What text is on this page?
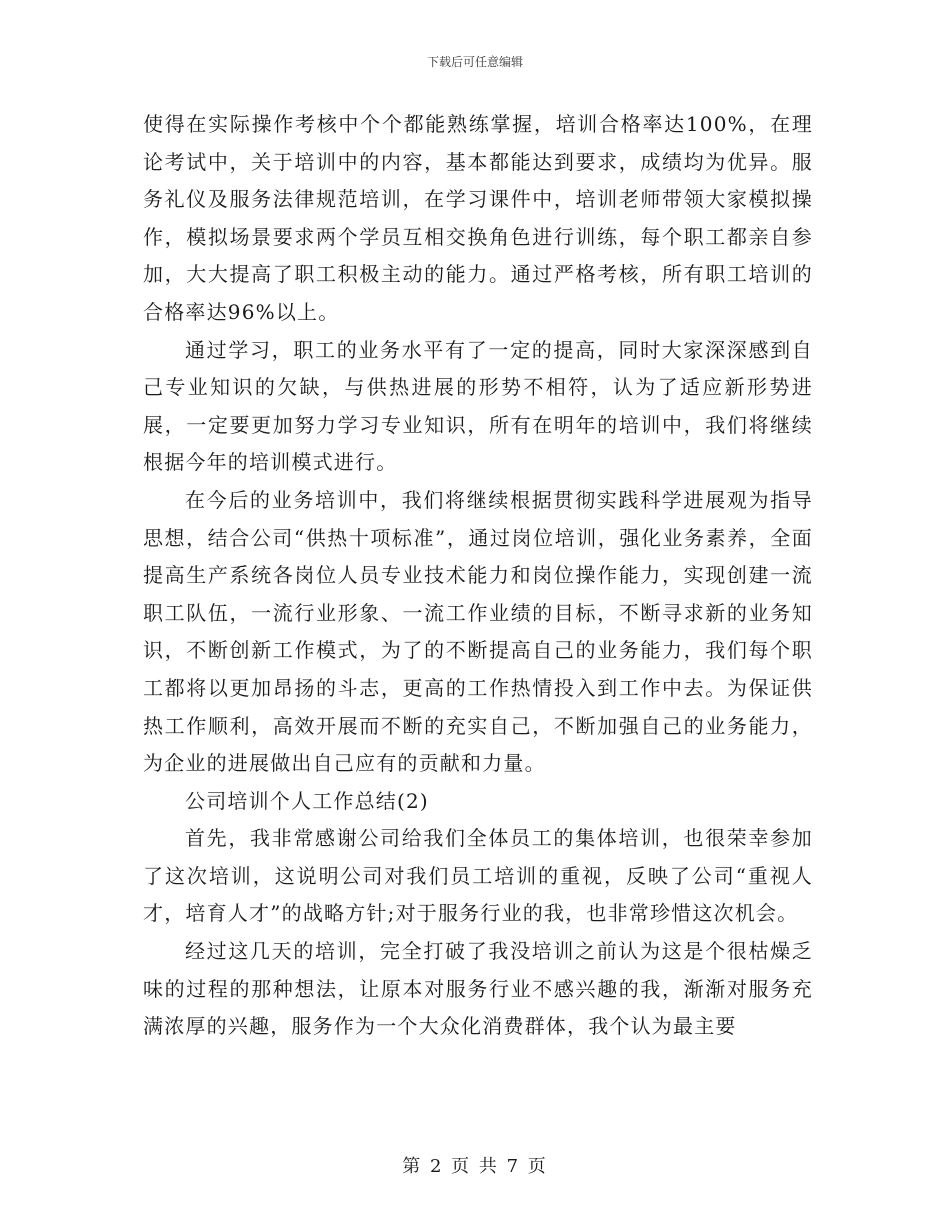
下载后可任意编辑

使得在实际操作考核中个个都能熟练掌握，培训合格率达100%，在理论考试中，关于培训中的内容，基本都能达到要求，成绩均为优异。服务礼仪及服务法律规范培训，在学习课件中，培训老师带领大家模拟操作，模拟场景要求两个学员互相交换角色进行训练，每个职工都亲自参加，大大提高了职工积极主动的能力。通过严格考核，所有职工培训的合格率达96%以上。

通过学习，职工的业务水平有了一定的提高，同时大家深深感到自己专业知识的欠缺，与供热进展的形势不相符，认为了适应新形势进展，一定要更加努力学习专业知识，所有在明年的培训中，我们将继续根据今年的培训模式进行。

在今后的业务培训中，我们将继续根据贯彻实践科学进展观为指导思想，结合公司“供热十项标准”，通过岗位培训，强化业务素养，全面提高生产系统各岗位人员专业技术能力和岗位操作能力，实现创建一流职工队伍，一流行业形象、一流工作业绩的目标，不断寻求新的业务知识，不断创新工作模式，为了的不断提高自己的业务能力，我们每个职工都将以更加昂扬的斗志，更高的工作热情投入到工作中去。为保证供热工作顺利，高效开展而不断的充实自己，不断加强自己的业务能力，为企业的进展做出自己应有的贡献和力量。

公司培训个人工作总结(2)

首先，我非常感谢公司给我们全体员工的集体培训，也很荣幸参加了这次培训，这说明公司对我们员工培训的重视，反映了公司“重视人才，培育人才”的战略方针;对于服务行业的我，也非常珍惜这次机会。

经过这几天的培训，完全打破了我没培训之前认为这是个很枯燥乏味的过程的那种想法，让原本对服务行业不感兴趣的我，渐渐对服务充满浓厚的兴趣，服务作为一个大众化消费群体，我个认为最主要

第 2 页 共 7 页
